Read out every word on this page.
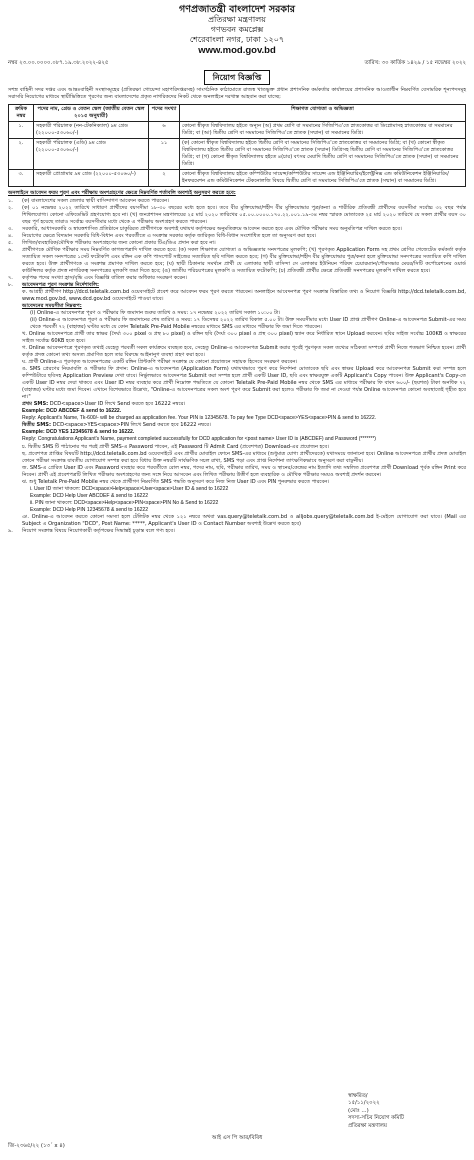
গণপ্রজাতন্ত্রী বাংলাদেশ সরকার
প্রতিরক্ষা মন্ত্রণালয়
গণভবন কমপ্লেক্স
শেরেবাংলা নগর, ঢাকা ১২০৭
www.mod.gov.bd
নম্বর ২৩.০০.০০০০.০৮৭.১৯.৩৮.২০২২-৪২৫	তারিখ: ৩০ কার্তিক ১৪২৯ / ১৫ নভেম্বর ২০২২
নিয়োগ বিজ্ঞপ্তি
সশস্ত্র বাহিনী সদর দপ্তর এবং আন্তঃবাহিনী সংস্থাসমূহের (প্রতিরক্ষা গোয়েন্দা মহাপরিদপ্তরসহ) সাংগঠনিক কাঠামোতে রাজস্ব খাতভুক্ত প্রধান প্রশাসনিক কর্মকর্তার কার্যালয়ের প্রশাসনিক আওতাধীন নিম্নবর্ণিত বেসামরিক শূন্যপদসমূহ সরাসরি নিয়োগের মাধ্যমে স্থায়ীভিত্তিতে পূরণের জন্য বাংলাদেশের প্রকৃত নাগরিকদের নিকট থেকে অনলাইনে দরখাস্ত আহবান করা যাচ্ছে:
ক্রমিক নম্বর	পদের নাম, গ্রেড ও বেতন স্কেল (জাতীয় বেতন স্কেল ২০১৫ অনুযায়ী)	পদের সংখ্যা	শিক্ষাগত যোগ্যতা ও অভিজ্ঞতা
১.	সহকারী পরিচালক (নন-টেকনিক্যাল) ৯ম গ্রেড (২২০০০-৫৩০৬০/-)	৬	কোনো স্বীকৃত বিশ্ববিদ্যালয় হইতে অন্যূন (অ) প্রথম শ্রেণি বা সমমানের সিজিপিএ'তে স্নাতকোত্তর বা ডিপ্লোমাসহ স্নাতকোত্তর বা সমমানের ডিগ্রি; বা (আ) দ্বিতীয় শ্রেণি বা সমমানের সিজিপিএ'তে স্নাতক (সম্মান) বা সমমানের ডিগ্রি।
২.	সহকারী পরিচালক (এডি) ৯ম গ্রেড (২২০০০-৫৩০৬০/-)	১১	(ক) কোনো স্বীকৃত বিশ্ববিদ্যালয় হইতে দ্বিতীয় শ্রেণি বা সমমানের সিজিপিএ'তে স্নাতকোত্তর বা সমমানের ডিগ্রি; বা (খ) কোনো স্বীকৃত বিশ্ববিদ্যালয় হইতে দ্বিতীয় শ্রেণি বা সমমানের সিজিপিএ'তে স্নাতক (সম্মান) ডিগ্রিসহ দ্বিতীয় শ্রেণি বা সমমানের সিজিপিএ'তে স্নাতকোত্তর ডিগ্রি; বা (গ) কোনো স্বীকৃত বিশ্ববিদ্যালয় হইতে ৪(চার) বৎসর মেয়াদি দ্বিতীয় শ্রেণি বা সমমানের সিজিপিএ'তে স্নাতক (সম্মান) বা সমমানের ডিগ্রি।
৩.	সহকারী প্রোগ্রামার ৯ম গ্রেড (২২০০০-৫৩০৬০/-)	২	কোনো স্বীকৃত বিশ্ববিদ্যালয় হইতে কম্পিউটার সায়েন্স/কম্পিউটার সায়েন্স এন্ড ইঞ্জিনিয়ারিং/ইলেক্ট্রনিক্স এন্ড কমিউনিকেশন ইঞ্জিনিয়ারিং/ইনফরমেশন এন্ড কমিউনিকেশন টেকনোলজি বিষয়ে দ্বিতীয় শ্রেণি বা সমমানের সিজিপিএ'তে স্নাতক (সম্মান) বা সমমানের ডিগ্রি।
অনলাইনে আবেদন ফরম পূরণ এবং পরীক্ষায় অংশগ্রহণের ক্ষেত্রে নিম্নবর্ণিত শর্তাবলি অবশ্যই অনুসরণ করতে হবে:
১.	(ক) বাংলাদেশের সকল জেলার স্থায়ী বাসিন্দাগণ আবেদন করতে পারবেন।
২.	(ক) ০১ নভেম্বর ২০২২ তারিখে সাধারণ প্রার্থীদের বয়সসীমা ১৮-৩০ বছরের মধ্যে হতে হবে। তবে বীর মুক্তিযোদ্ধা/শহীদ বীর মুক্তিযোদ্ধার পুত্র/কন্যা ও শারীরিক প্রতিবন্ধী প্রার্থীদের বয়সসীমা সর্বোচ্চ ৩২ বছর পর্যন্ত শিথিলযোগ্য। কোনো এফিডেভিট গ্রহণযোগ্য হবে না। (খ) জনপ্রশাসন মন্ত্রণালয়ের ২৫ মার্চ ২০২০ তারিখের ০৫.০০.০০০০.১৭০.২২.০০১.১৯-৩৪ নম্বর স্মারক মোতাবেক ২৫ মার্চ ২০২০ তারিখে যে সকল প্রার্থীর বয়স ৩০ বছর পূর্ণ হয়েছে তারাও সর্বোচ্চ বয়সসীমার মধ্যে থেকে এ পরীক্ষায় অংশগ্রহণ করতে পারবেন।
৩.	সরকারি, আধাসরকারি ও স্বায়ত্তশাসিত প্রতিষ্ঠানে চাকুরিরত প্রার্থীগণকে অবশ্যই যথাযথ কর্তৃপক্ষের অনুমতিক্রমে আবেদন করতে হবে এবং মৌখিক পরীক্ষার সময় অনুমতিপত্র দাখিল করতে হবে।
৪.	নিয়োগের ক্ষেত্রে বিদ্যমান সরকারি বিধি-বিধান এবং পরবর্তীতে এ সংক্রান্ত সরকার কর্তৃক জারিকৃত বিধি-বিধান সংশোধিত হলে তা অনুসরণ করা হবে।
৫.	লিখিত/ব্যবহারিক/মৌখিক পরীক্ষায় অংশগ্রহণের জন্য কোনো প্রকার টিএ/ডিএ প্রদান করা হবে না।
৬.	প্রার্থীগণকে মৌখিক পরীক্ষার সময় নিম্নবর্ণিত কাগজপত্রাদি দাখিল করতে হবে: (ক) সকল শিক্ষাগত যোগ্যতা ও অভিজ্ঞতার সনদপত্রের মূলকপি; (খ) পূরণকৃত Application Form সহ প্রথম শ্রেণির গেজেটেড কর্মকর্তা কর্তৃক সত্যায়িত সকল সনদপত্রের ১সেট ফটোকপি এবং রঙ্গিন এক কপি পাসপোর্ট সাইজের সত্যায়িত ছবি দাখিল করতে হবে; (গ) বীর মুক্তিযোদ্ধা/শহীদ বীর মুক্তিযোদ্ধার পুত্র/কন্যা হলে মুক্তিযোদ্ধা সনদপত্রের সত্যায়িত কপি দাখিল করতে হবে। উক্ত প্রার্থীগণকে এ সংক্রান্ত প্রমাণক দাখিল করতে হবে; (ঘ) স্থায়ী ঠিকানার সমর্থনে প্রার্থী যে এলাকার স্থায়ী বাসিন্দা সে এলাকার ইউনিয়ন পরিষদ চেয়ারম্যান/পৌরসভার মেয়র/সিটি কর্পোরেশনের ওয়ার্ড কাউন্সিলর কর্তৃক প্রদত্ত নাগরিকত্ব সনদপত্রের মূলকপি জমা দিতে হবে; (ঙ) জাতীয় পরিচয়পত্রের মূলকপি ও সত্যায়িত ফটোকপি; (চ) প্রতিবন্ধী প্রার্থীর ক্ষেত্রে প্রতিবন্ধী সনদপত্রের মূলকপি দাখিল করতে হবে।
৭.	কর্তৃপক্ষ পদের সংখ্যা হ্রাস/বৃদ্ধি এবং বিজ্ঞপ্তি বাতিল করার অধিকার সংরক্ষণ করেন।
৮.	আবেদনপত্র পূরণ সংক্রান্ত নির্দেশাবলি:
ক. আগ্রহী প্রার্থীগণ http://dcd.teletalk.com.bd ওয়েবসাইটে প্রবেশ করে আবেদন ফরম পূরণ করতে পারবেন। অনলাইনে আবেদনপত্র পূরণ সংক্রান্ত বিস্তারিত তথ্য ও নিয়োগ বিজ্ঞপ্তি http://dcd.teletalk.com.bd, www.mod.gov.bd, www.dcd.gov.bd ওয়েবসাইটে পাওয়া যাবে।
আবেদনের সময়সীমা নিম্নরূপ:
(i) Online-এ আবেদনপত্র পূরণ ও পরীক্ষার ফি জমাদান শুরুর তারিখ ও সময়: ১৭ নভেম্বর ২০২২ তারিখ সকাল ১০:০০ টা।
(ii) Online-এ আবেদনপত্র পূরণ ও পরীক্ষার ফি জমাদানের শেষ তারিখ ও সময়: ১৭ ডিসেম্বর ২০২২ তারিখ বিকাল ৫.০০ টা। উক্ত সময়সীমার মধ্যে User ID প্রাপ্ত প্রার্থীগণ Online-এ আবেদনপত্র Submit-এর সময় থেকে পরবর্তী ৭২ (বাহাত্তর) ঘণ্টার মধ্যে যে কোন Teletalk Pre-Paid Mobile নম্বরের মাধ্যমে SMS এর মাধ্যমে পরীক্ষার ফি জমা দিতে পারবেন।
খ. Online আবেদনপত্রে প্রার্থী তার স্বাক্ষর (দৈর্ঘ্য ৩০০ pixel ও প্রস্থ ৮০ pixel) ও রঙ্গিন ছবি (দৈর্ঘ্য ৩০০ pixel ও প্রস্থ ৩০০ pixel) স্ক্যান করে নির্ধারিত স্থানে Upload করবেন। ছবির সাইজ সর্বোচ্চ 100KB ও স্বাক্ষরের সাইজ সর্বোচ্চ 60KB হতে হবে।
গ. Online আবেদনপত্রে পূরণকৃত তথ্যই যেহেতু পরবর্তী সকল কার্যক্রমে ব্যবহৃত হবে, সেহেতু Online-এ আবেদনপত্র Submit করার পূর্বেই পূরণকৃত সকল তথ্যের সঠিকতা সম্পর্কে প্রার্থী নিজে শতভাগ নিশ্চিত হবেন। প্রার্থী কর্তৃক প্রদত্ত কোনো তথ্য অসত্য প্রমাণিত হলে তার বিরুদ্ধে আইনানুগ ব্যবস্থা গ্রহণ করা হবে।
ঘ. প্রার্থী Online-এ পূরণকৃত আবেদনপত্রের একটি রঙ্গিন প্রিন্টকপি পরীক্ষা সংক্রান্ত যে কোনো প্রয়োজনে সহায়ক হিসেবে সংরক্ষণ করবেন।
ঙ. SMS প্রেরণের নিয়মাবলি ও পরীক্ষার ফি প্রদান: Online-এ আবেদনপত্র (Application Form) যথাযথভাবে পূরণ করে নির্দেশনা মোতাবেক ছবি এবং স্বাক্ষর Upload করে আবেদনপত্র Submit করা সম্পন্ন হলে কম্পিউটারে ছবিসহ Application Preview দেখা যাবে। নির্ভুলভাবে আবেদনপত্র Submit করা সম্পন্ন হলে প্রার্থী একটি User ID, ছবি এবং স্বাক্ষরযুক্ত একটি Applicant's Copy পাবেন। উক্ত Applicant's Copy-তে একটি User ID নম্বর দেয়া থাকবে এবং User ID নম্বর ব্যবহার করে প্রার্থী নিম্নোক্ত পদ্ধতিতে যে কোনো Teletalk Pre-Paid Mobile নম্বর থেকে SMS এর মাধ্যমে পরীক্ষার ফি বাবদ ৬০০/- (ছয়শত) টাকা অনধিক ৭২ (বাহাত্তর) ঘণ্টার মধ্যে জমা দিবেন। এখানে বিশেষভাবে উল্লেখ্য, "Online-এ আবেদনপত্রের সকল অংশ পূরণ করে Submit করা হলেও পরীক্ষার ফি জমা না দেওয়া পর্যন্ত Online আবেদনপত্র কোনো অবস্থাতেই গৃহীত হবে না।"
প্রথম SMS: DCD<space>User ID লিখে Send করতে হবে 16222 নম্বরে।
Example: DCD ABCDEF & send to 16222.
Reply: Applicant's Name, Tk-600/- will be charged as application fee. Your PIN is 12345678. To pay fee Type DCD<space>YES<space>PIN & send to 16222.
দ্বিতীয় SMS: DCD<space>YES<space>PIN লিখে Send করতে হবে 16222 নম্বরে।
Example: DCD YES 12345678 & send to 16222.
Reply: Congratulations Applicant's Name, payment completed successfully for DCD application for <post name> User ID is (ABCDEF) and Password (*******)
চ. দ্বিতীয় SMS টি পাঠানোর পর পরই প্রার্থী SMS-এ Password পাবেন, এই Password টি Admit Card (প্রবেশপত্র) Download-এর প্রয়োজন হবে।
ছ. প্রবেশপত্র প্রাপ্তির বিষয়টি http://dcd.teletalk.com.bd ওয়েবসাইটে এবং প্রার্থীর মোবাইল ফোনে SMS-এর মাধ্যমে (শুধুমাত্র যোগ্য প্রার্থীদেরকে) যথাসময়ে জানানো হবে। Online আবেদনপত্রে প্রার্থীর প্রদত্ত মোবাইল ফোনে পরীক্ষা সংক্রান্ত যাবতীয় যোগাযোগ সম্পন্ন করা হবে বিধায় উক্ত নম্বরটি সার্বক্ষণিক সচল রাখা, SMS পড়া এবং প্রাপ্ত নির্দেশনা তাৎক্ষণিকভাবে অনুসরণ করা বাঞ্ছনীয়।
জ. SMS-এ প্রেরিত User ID এবং Password ব্যবহার করে পরবর্তীতে রোল নম্বর, পদের নাম, ছবি, পরীক্ষার তারিখ, সময় ও স্থানের/কেন্দ্রের নাম ইত্যাদি তথ্য সম্বলিত প্রবেশপত্র প্রার্থী Download পূর্বক রঙ্গিন Print করে নিবেন। প্রার্থী এই প্রবেশপত্রটি লিখিত পরীক্ষায় অংশগ্রহণের জন্য সঙ্গে নিয়ে আসবেন এবং লিখিত পরীক্ষায় উত্তীর্ণ হলে ব্যবহারিক ও মৌখিক পরীক্ষার সময়ও অবশ্যই প্রদর্শন করবেন।
ঝ. শুধু Teletalk Pre-Paid Mobile নম্বর থেকে প্রার্থীগণ নিম্নবর্ণিত SMS পদ্ধতি অনুসরণ করে নিজ নিজ User ID এবং PIN পুনরুদ্ধার করতে পারবেন।
i. User ID জানা থাকলে: DCD<space>Help<space>User<space>User ID & send to 16222
Example: DCD Help User ABCDEF & send to 16222
ii. PIN জানা থাকলে: DCD<space>Help<space>PIN<space>PIN No & Send to 16222
Example: DCD Help PIN 12345678 & send to 16222
ঞ. Online-এ আবেদন করতে কোনো সমস্যা হলে টেলিটক নম্বর থেকে ১২১ নম্বরে অথবা vas.query@teletalk.com.bd ও alljobs.query@teletalk.com.bd ই-মেইলে যোগাযোগ করা যাবে। (Mail এর Subject এ Organization "DCD", Post Name: *****, Applicant's User ID ও Contact Number অবশ্যই উল্লেখ করতে হবে)
৯.	নিয়োগ সংক্রান্ত বিষয়ে নিয়োগকারী কর্তৃপক্ষের সিদ্ধান্তই চূড়ান্ত বলে গণ্য হবে।
স্বাক্ষরিত/
১৫/১১/২০২২
(মোঃ ...)
সদস্য-সচিব নিয়োগ কমিটি
প্রতিরক্ষা মন্ত্রণালয়
আই এস পি আর/বিবিধ
জি-২৩৬৫/২২ (১৩´ x ৪)
